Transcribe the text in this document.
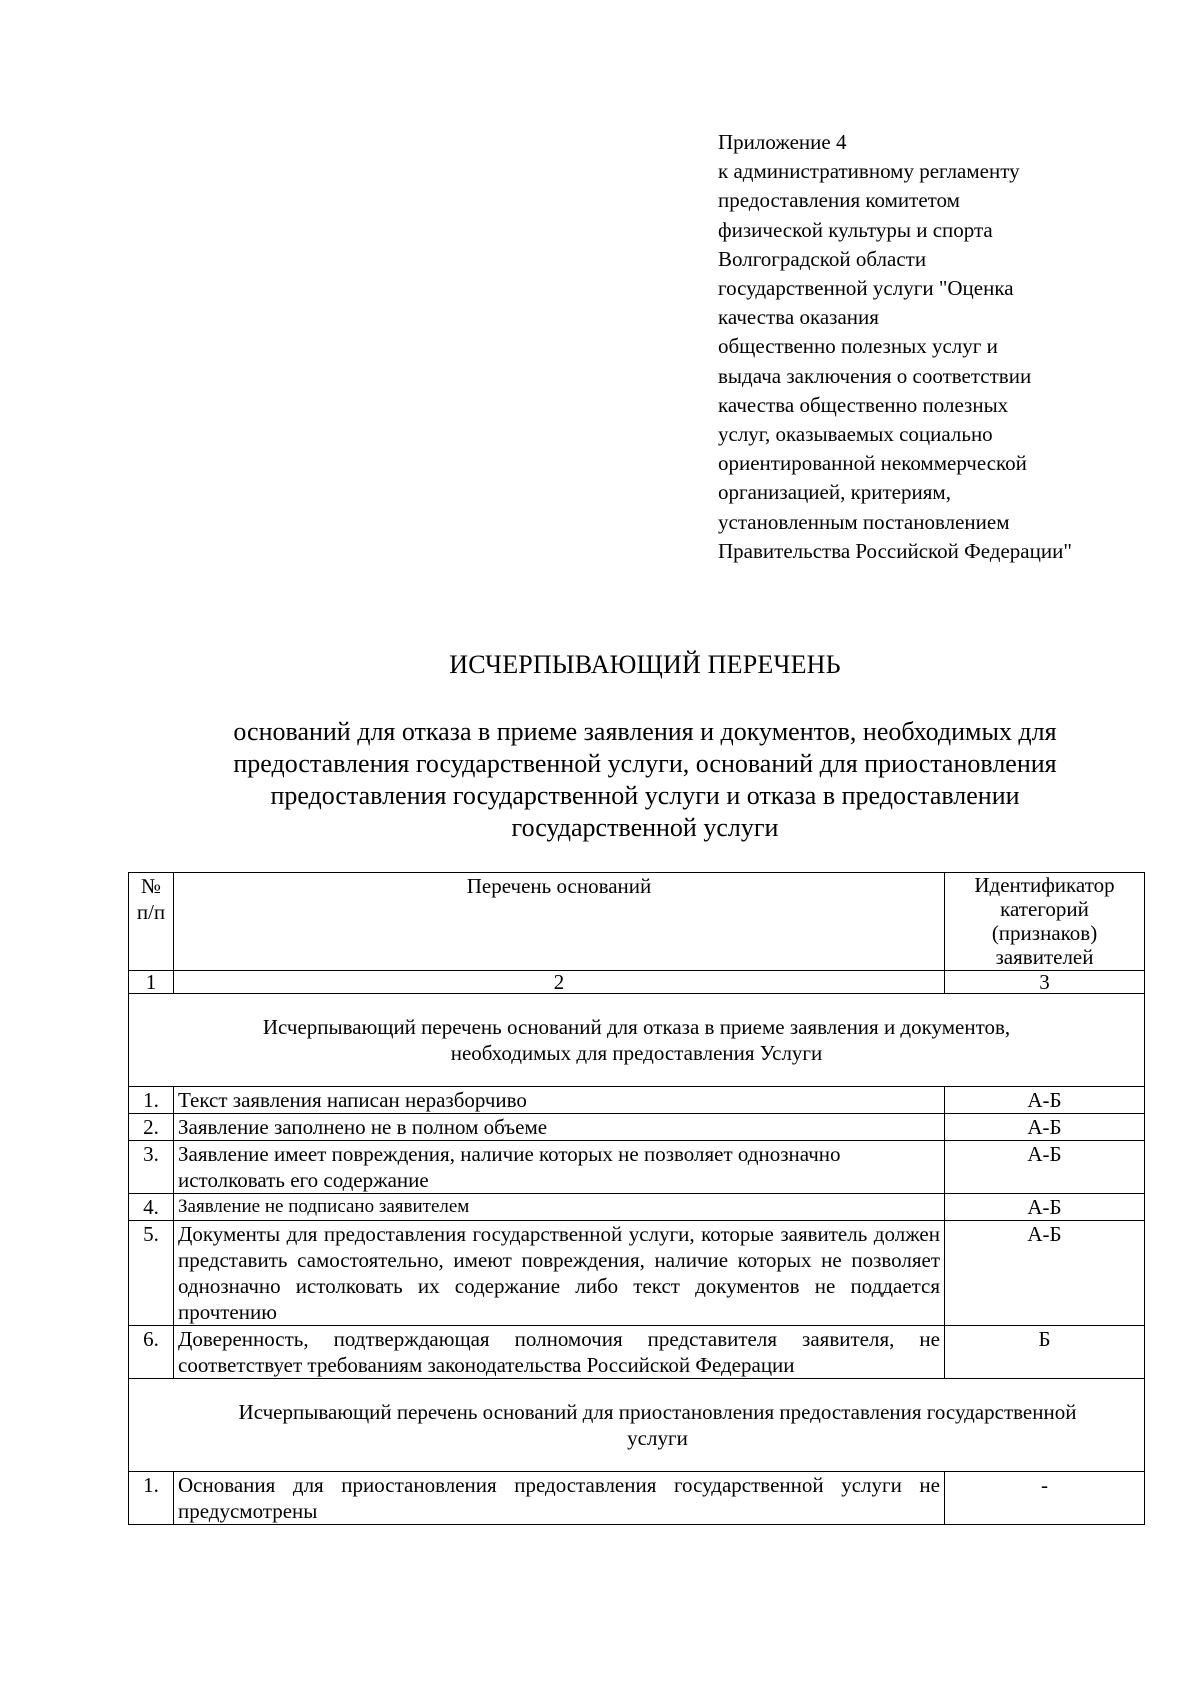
Приложение 4
к административному регламенту
предоставления комитетом
физической культуры и спорта
Волгоградской области
государственной услуги "Оценка
качества оказания
общественно полезных услуг и
выдача заключения о соответствии
качества общественно полезных
услуг, оказываемых социально
ориентированной некоммерческой
организацией, критериям,
установленным постановлением
Правительства Российской Федерации"
ИСЧЕРПЫВАЮЩИЙ ПЕРЕЧЕНЬ
оснований для отказа в приеме заявления и документов, необходимых для
предоставления государственной услуги, оснований для приостановления
предоставления государственной услуги и отказа в предоставлении
государственной услуги
№
п/п	Перечень оснований	Идентификатор категорий (признаков) заявителей
1	2	3

Исчерпывающий перечень оснований для отказа в приеме заявления и документов,
необходимых для предоставления Услуги		

1.	Текст заявления написан неразборчиво	А-Б
2.	Заявление заполнено не в полном объеме	А-Б
3.	Заявление имеет повреждения, наличие которых не позволяет однозначно истолковать его содержание	А-Б
4.	Заявление не подписано заявителем	А-Б
5.	Документы для предоставления государственной услуги, которые заявитель должен представить самостоятельно, имеют повреждения, наличие которых не позволяет однозначно истолковать их содержание либо текст документов не поддается прочтению	А-Б
6.	Доверенность, подтверждающая полномочия представителя заявителя, не соответствует требованиям законодательства Российской Федерации	Б

Исчерпывающий перечень оснований для приостановления предоставления государственной
услуги		

1.	Основания для приостановления предоставления государственной услуги не предусмотрены	-
